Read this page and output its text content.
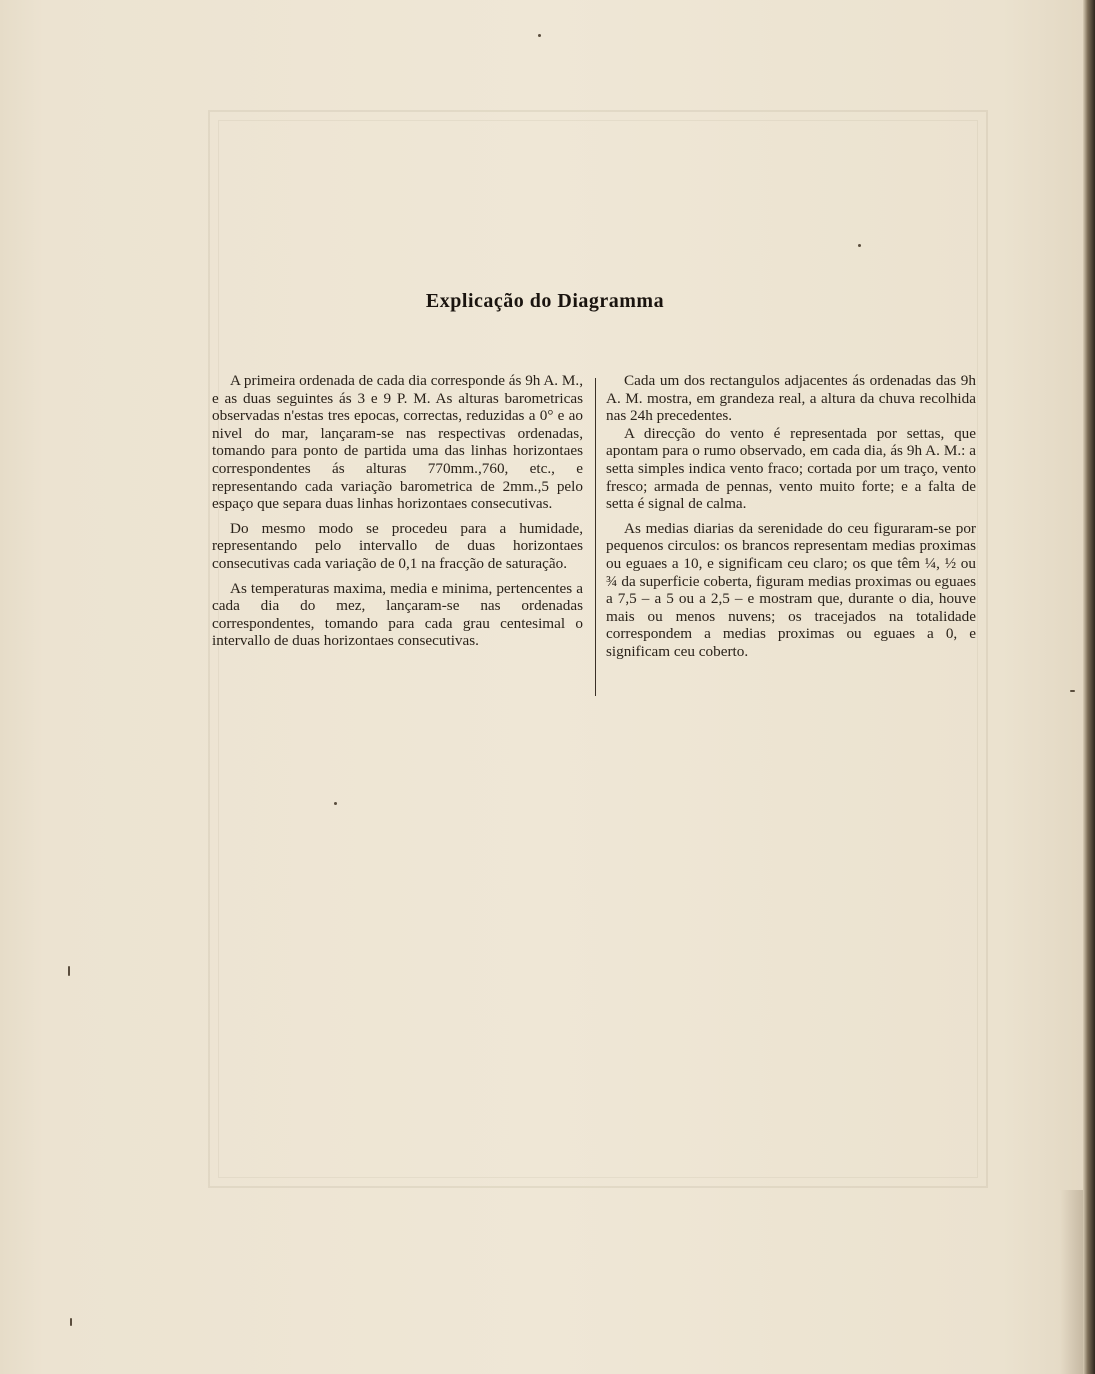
Explicação do Diagramma

A primeira ordenada de cada dia corresponde ás 9h A. M., e as duas seguintes ás 3 e 9 P. M. As alturas barometricas observadas n'estas tres epocas, correctas, reduzidas a 0° e ao nivel do mar, lançaram-se nas respectivas ordenadas, tomando para ponto de partida uma das linhas horizontaes correspondentes ás alturas 770mm.,760, etc., e representando cada variação barometrica de 2mm.,5 pelo espaço que separa duas linhas horizontaes consecutivas.

Do mesmo modo se procedeu para a humidade, representando pelo intervallo de duas horizontaes consecutivas cada variação de 0,1 na fracção de saturação.

As temperaturas maxima, media e minima, pertencentes a cada dia do mez, lançaram-se nas ordenadas correspondentes, tomando para cada grau centesimal o intervallo de duas horizontaes consecutivas.

Cada um dos rectangulos adjacentes ás ordenadas das 9h A. M. mostra, em grandeza real, a altura da chuva recolhida nas 24h precedentes.

A direcção do vento é representada por settas, que apontam para o rumo observado, em cada dia, ás 9h A. M.: a setta simples indica vento fraco; cortada por um traço, vento fresco; armada de pennas, vento muito forte; e a falta de setta é signal de calma.

As medias diarias da serenidade do ceu figuraram-se por pequenos circulos: os brancos representam medias proximas ou eguaes a 10, e significam ceu claro; os que têm ¼, ½ ou ¾ da superficie coberta, figuram medias proximas ou eguaes a 7,5 – a 5 ou a 2,5 – e mostram que, durante o dia, houve mais ou menos nuvens; os tracejados na totalidade correspondem a medias proximas ou eguaes a 0, e significam ceu coberto.
